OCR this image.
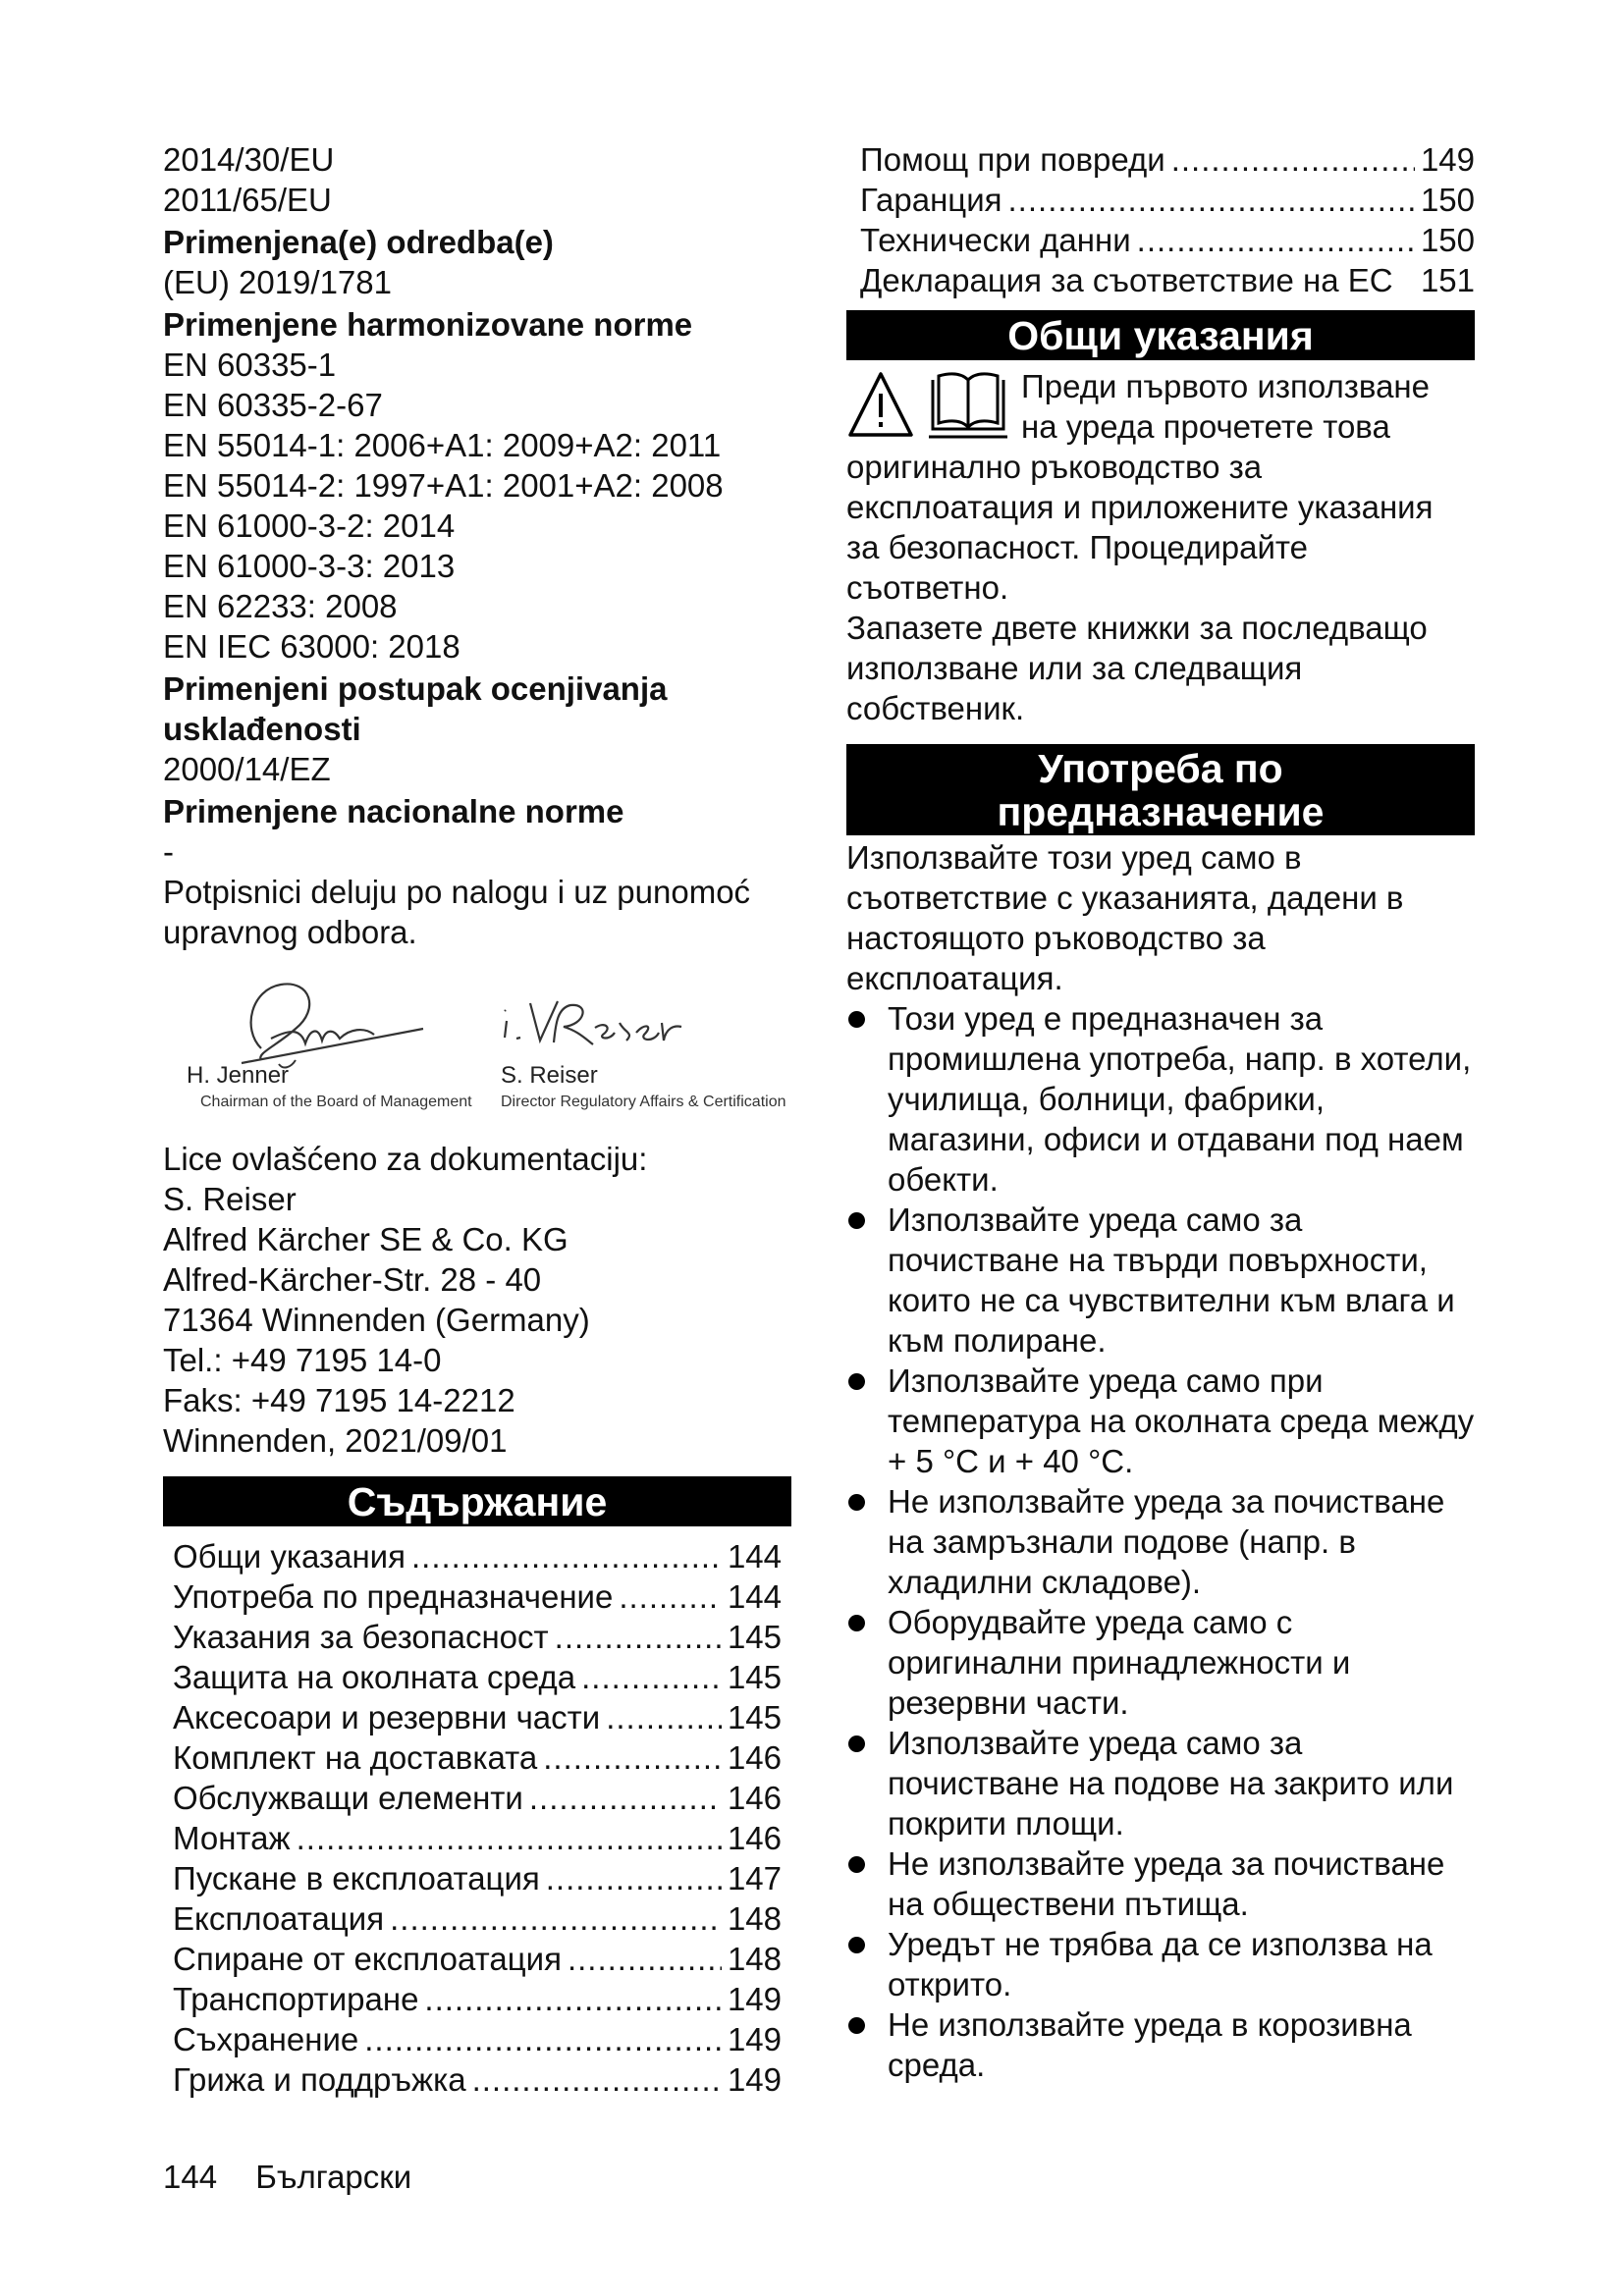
2014/30/EU
2011/65/EU
Primenjena(e) odredba(e)
(EU) 2019/1781
Primenjene harmonizovane norme
EN 60335-1
EN 60335-2-67
EN 55014-1: 2006+A1: 2009+A2: 2011
EN 55014-2: 1997+A1: 2001+A2: 2008
EN 61000-3-2: 2014
EN 61000-3-3: 2013
EN 62233: 2008
EN IEC 63000: 2018
Primenjeni postupak ocenjivanja usklađenosti
2000/14/EZ
Primenjene nacionalne norme
-
Potpisnici deluju po nalogu i uz punomoć upravnog odbora.
H. Jenner
Chairman of the Board of Management
S. Reiser
Director Regulatory Affairs & Certification
Lice ovlašćeno za dokumentaciju:
S. Reiser
Alfred Kärcher SE & Co. KG
Alfred-Kärcher-Str. 28 - 40
71364 Winnenden (Germany)
Tel.: +49 7195 14-0
Faks: +49 7195 14-2212
Winnenden, 2021/09/01
Съдържание
Общи указания .....	144
Употреба по предназначение .....	144
Указания за безопасност .....	145
Защита на околната среда .....	145
Аксесоари и резервни части .....	145
Комплект на доставката .....	146
Обслужващи елементи .....	146
Монтаж .....	146
Пускане в експлоатация .....	147
Експлоатация .....	148
Спиране от експлоатация .....	148
Транспортиране .....	149
Съхранение .....	149
Грижа и поддръжка .....	149
Помощ при повреди .....	149
Гаранция .....	150
Технически данни .....	150
Декларация за съответствие на ЕС 151
Общи указания
Преди първото използване
на уреда прочетете това
оригинално ръководство за експлоатация и приложените указания за безопасност. Процедирайте съответно.
Запазете двете книжки за последващо използване или за следващия собственик.
Употреба по
предназначение
Използвайте този уред само в съответствие с указанията, дадени в настоящото ръководство за експлоатация.
Този уред е предназначен за промишлена употреба, напр. в хотели, училища, болници, фабрики, магазини, офиси и отдавани под наем обекти.
Използвайте уреда само за почистване на твърди повърхности, които не са чувствителни към влага и към полиране.
Използвайте уреда само при температура на околната среда между + 5 °C и + 40 °C.
Не използвайте уреда за почистване на замръзнали подове (напр. в хладилни складове).
Оборудвайте уреда само с оригинални принадлежности и резервни части.
Използвайте уреда само за почистване на подове на закрито или покрити площи.
Не използвайте уреда за почистване на обществени пътища.
Уредът не трябва да се използва на открито.
Не използвайте уреда в корозивна среда.
144 Български
